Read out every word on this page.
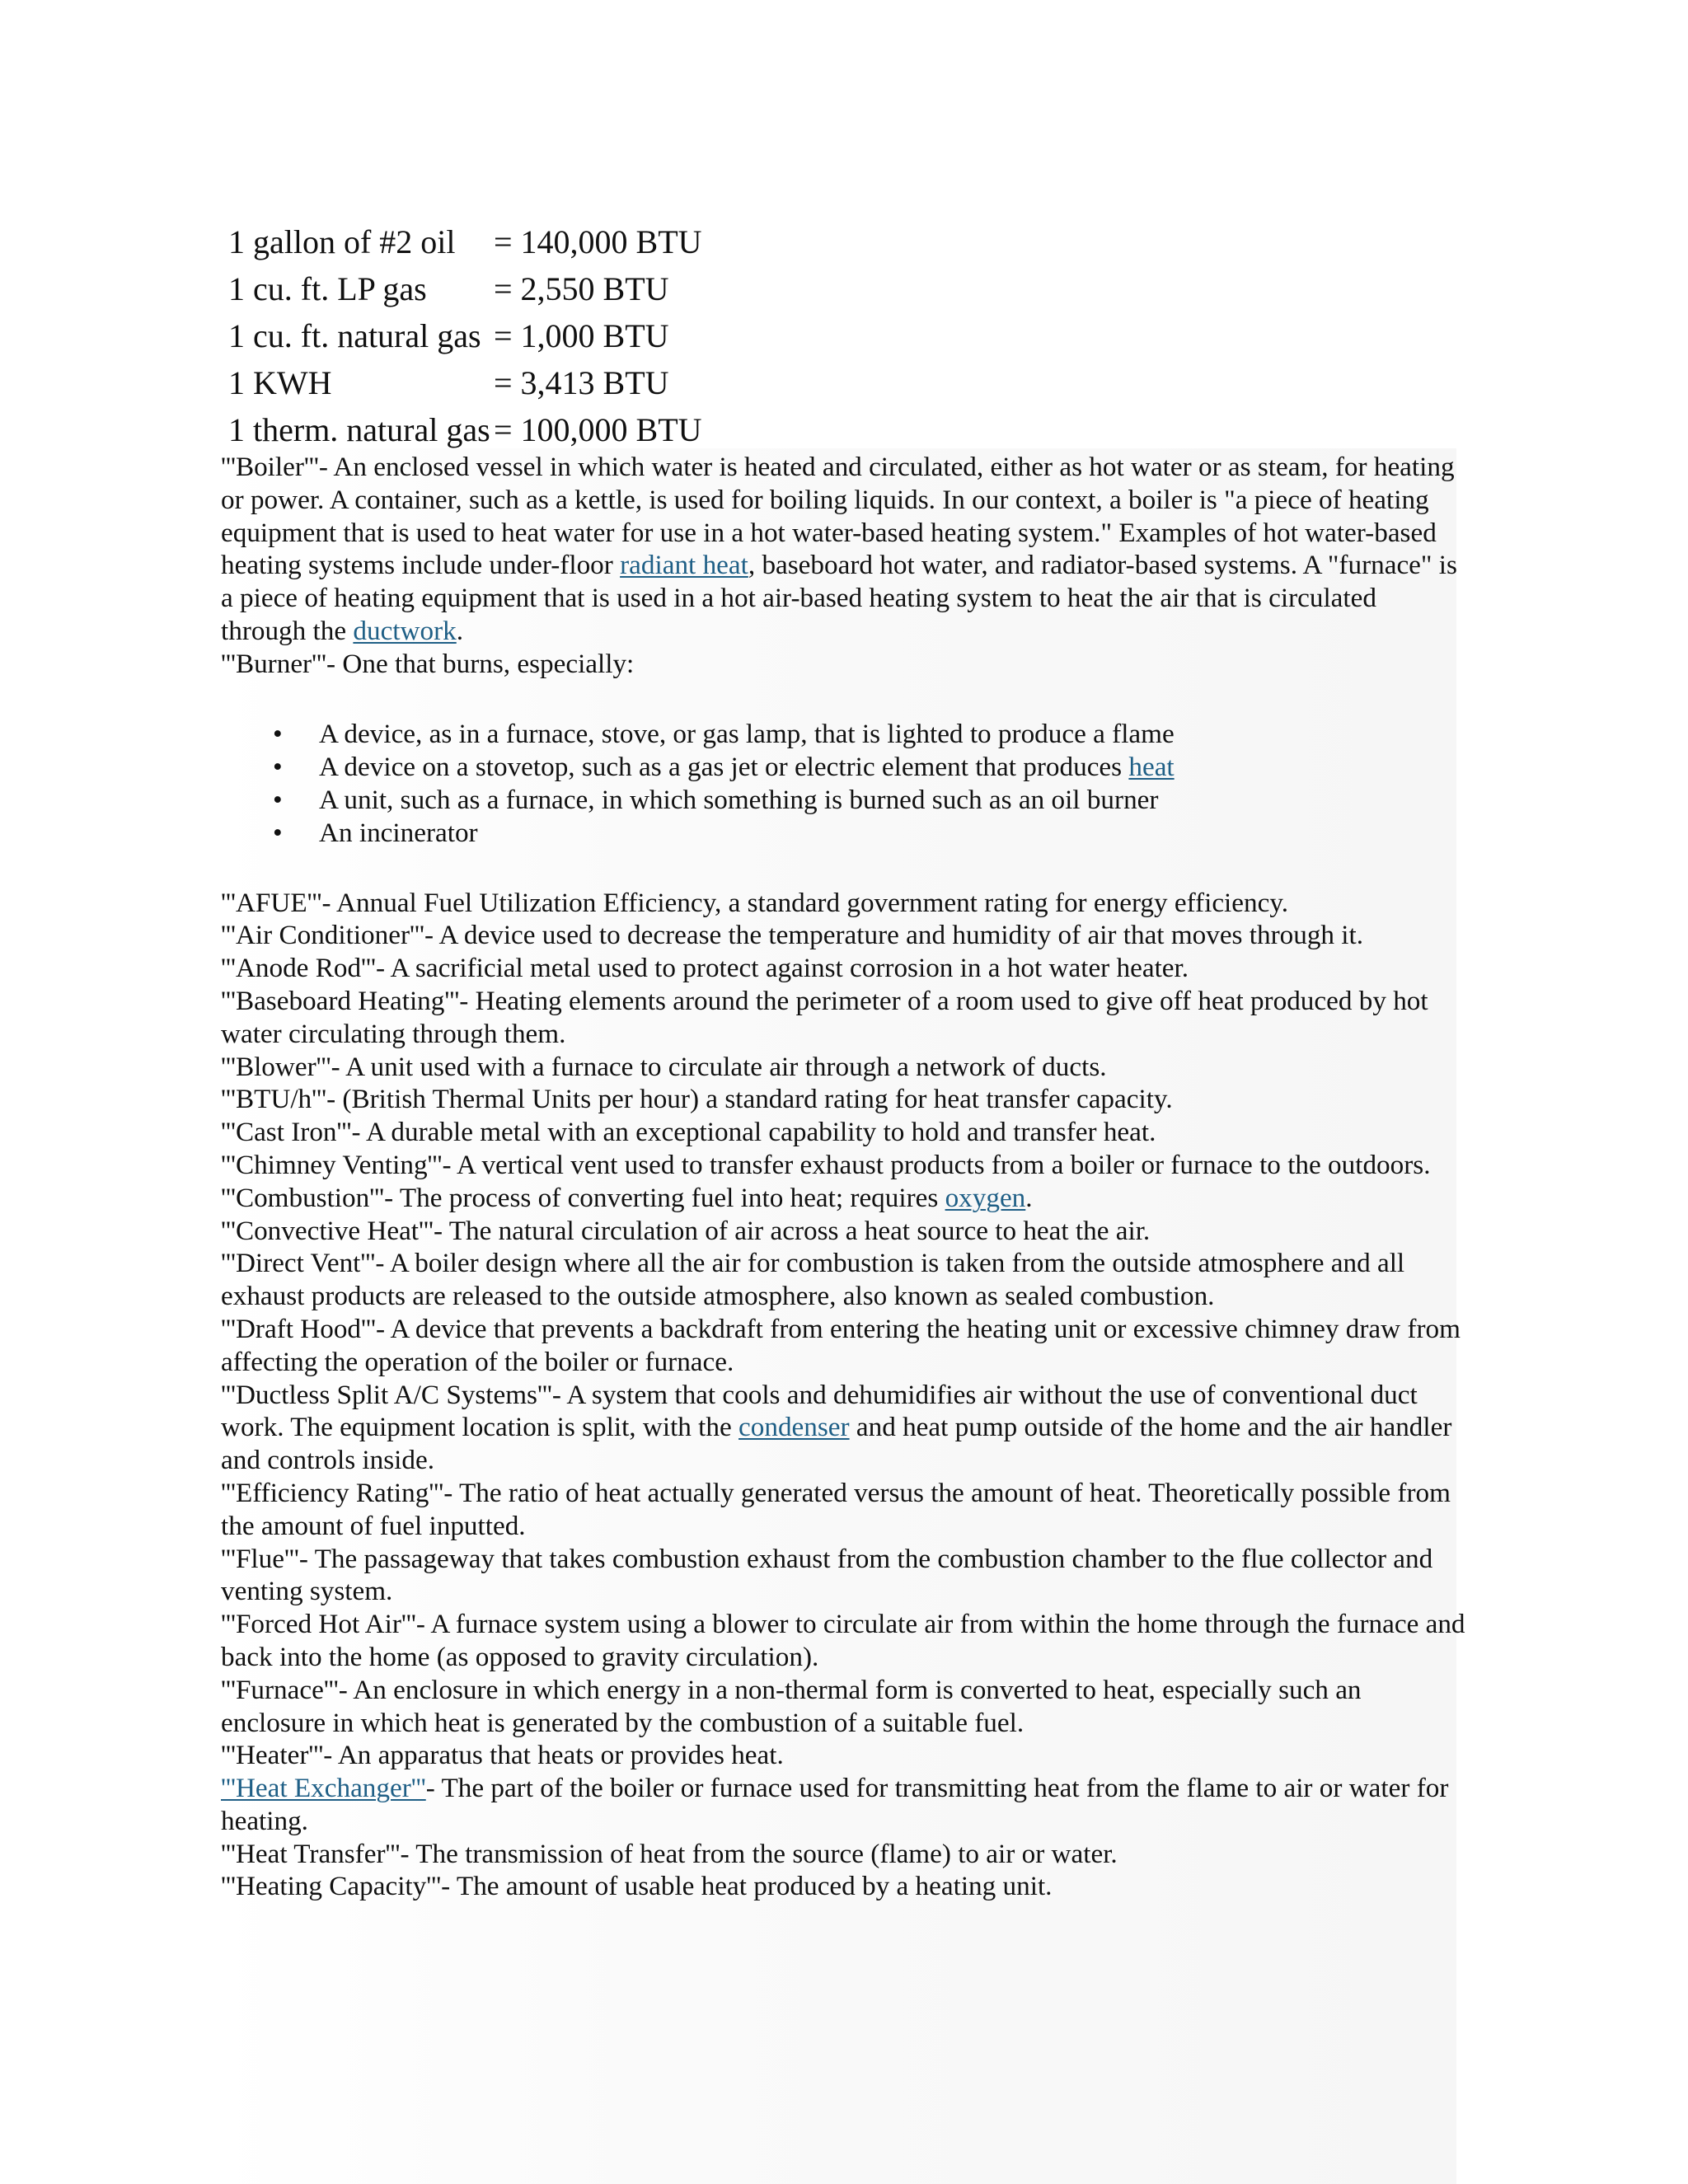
1 gallon of #2 oil	= 140,000 BTU
1 cu. ft. LP gas	= 2,550 BTU
1 cu. ft. natural gas = 1,000 BTU
1 KWH	= 3,413 BTU
1 therm. natural gas = 100,000 BTU

'''Boiler'''- An enclosed vessel in which water is heated and circulated, either as hot water or as steam, for heating or power. A container, such as a kettle, is used for boiling liquids. In our context, a boiler is "a piece of heating equipment that is used to heat water for use in a hot water-based heating system." Examples of hot water-based heating systems include under-floor radiant heat, baseboard hot water, and radiator-based systems. A "furnace" is a piece of heating equipment that is used in a hot air-based heating system to heat the air that is circulated through the ductwork.

'''Burner'''- One that burns, especially:

• A device, as in a furnace, stove, or gas lamp, that is lighted to produce a flame
• A device on a stovetop, such as a gas jet or electric element that produces heat
• A unit, such as a furnace, in which something is burned such as an oil burner
• An incinerator

'''AFUE'''- Annual Fuel Utilization Efficiency, a standard government rating for energy efficiency.

'''Air Conditioner'''- A device used to decrease the temperature and humidity of air that moves through it.

'''Anode Rod'''- A sacrificial metal used to protect against corrosion in a hot water heater.

'''Baseboard Heating'''- Heating elements around the perimeter of a room used to give off heat produced by hot water circulating through them.

'''Blower'''- A unit used with a furnace to circulate air through a network of ducts.

'''BTU/h'''- (British Thermal Units per hour) a standard rating for heat transfer capacity.

'''Cast Iron'''- A durable metal with an exceptional capability to hold and transfer heat.

'''Chimney Venting'''- A vertical vent used to transfer exhaust products from a boiler or furnace to the outdoors.

'''Combustion'''- The process of converting fuel into heat; requires oxygen.

'''Convective Heat'''- The natural circulation of air across a heat source to heat the air.

'''Direct Vent'''- A boiler design where all the air for combustion is taken from the outside atmosphere and all exhaust products are released to the outside atmosphere, also known as sealed combustion.

'''Draft Hood'''- A device that prevents a backdraft from entering the heating unit or excessive chimney draw from affecting the operation of the boiler or furnace.

'''Ductless Split A/C Systems'''- A system that cools and dehumidifies air without the use of conventional duct work. The equipment location is split, with the condenser and heat pump outside of the home and the air handler and controls inside.

'''Efficiency Rating'''- The ratio of heat actually generated versus the amount of heat. Theoretically possible from the amount of fuel inputted.

'''Flue'''- The passageway that takes combustion exhaust from the combustion chamber to the flue collector and venting system.

'''Forced Hot Air'''- A furnace system using a blower to circulate air from within the home through the furnace and back into the home (as opposed to gravity circulation).

'''Furnace'''- An enclosure in which energy in a non-thermal form is converted to heat, especially such an enclosure in which heat is generated by the combustion of a suitable fuel.

'''Heater'''- An apparatus that heats or provides heat.

'''Heat Exchanger'''- The part of the boiler or furnace used for transmitting heat from the flame to air or water for heating.

'''Heat Transfer'''- The transmission of heat from the source (flame) to air or water.

'''Heating Capacity'''- The amount of usable heat produced by a heating unit.
